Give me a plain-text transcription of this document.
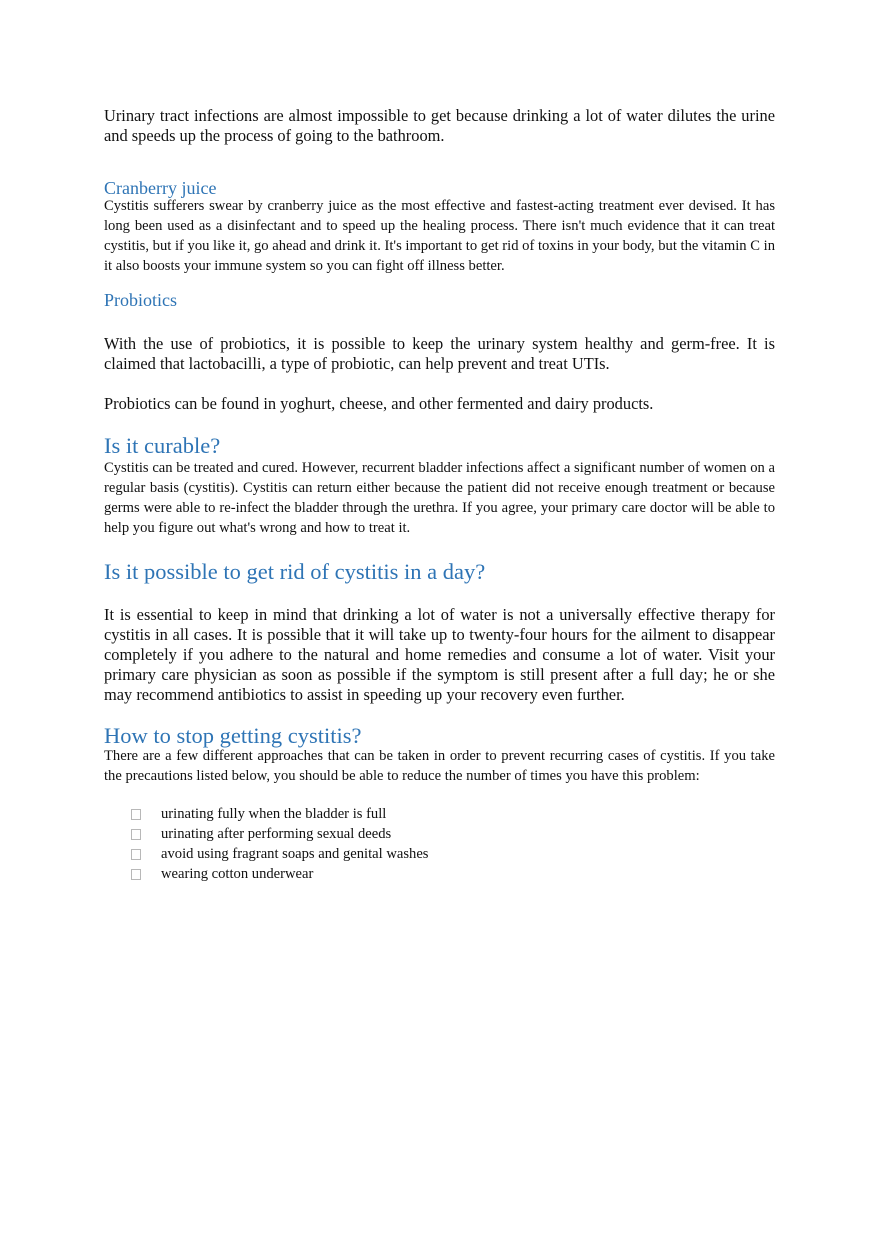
Urinary tract infections are almost impossible to get because drinking a lot of water dilutes the urine and speeds up the process of going to the bathroom.

Cranberry juice

Cystitis sufferers swear by cranberry juice as the most effective and fastest-acting treatment ever devised. It has long been used as a disinfectant and to speed up the healing process. There isn't much evidence that it can treat cystitis, but if you like it, go ahead and drink it. It's important to get rid of toxins in your body, but the vitamin C in it also boosts your immune system so you can fight off illness better.

Probiotics

With the use of probiotics, it is possible to keep the urinary system healthy and germ-free. It is claimed that lactobacilli, a type of probiotic, can help prevent and treat UTIs.

Probiotics can be found in yoghurt, cheese, and other fermented and dairy products.

Is it curable?

Cystitis can be treated and cured. However, recurrent bladder infections affect a significant number of women on a regular basis (cystitis). Cystitis can return either because the patient did not receive enough treatment or because germs were able to re-infect the bladder through the urethra. If you agree, your primary care doctor will be able to help you figure out what's wrong and how to treat it.

Is it possible to get rid of cystitis in a day?

It is essential to keep in mind that drinking a lot of water is not a universally effective therapy for cystitis in all cases. It is possible that it will take up to twenty-four hours for the ailment to disappear completely if you adhere to the natural and home remedies and consume a lot of water. Visit your primary care physician as soon as possible if the symptom is still present after a full day; he or she may recommend antibiotics to assist in speeding up your recovery even further.

How to stop getting cystitis?

There are a few different approaches that can be taken in order to prevent recurring cases of cystitis. If you take the precautions listed below, you should be able to reduce the number of times you have this problem:

urinating fully when the bladder is full
urinating after performing sexual deeds
avoid using fragrant soaps and genital washes
wearing cotton underwear
